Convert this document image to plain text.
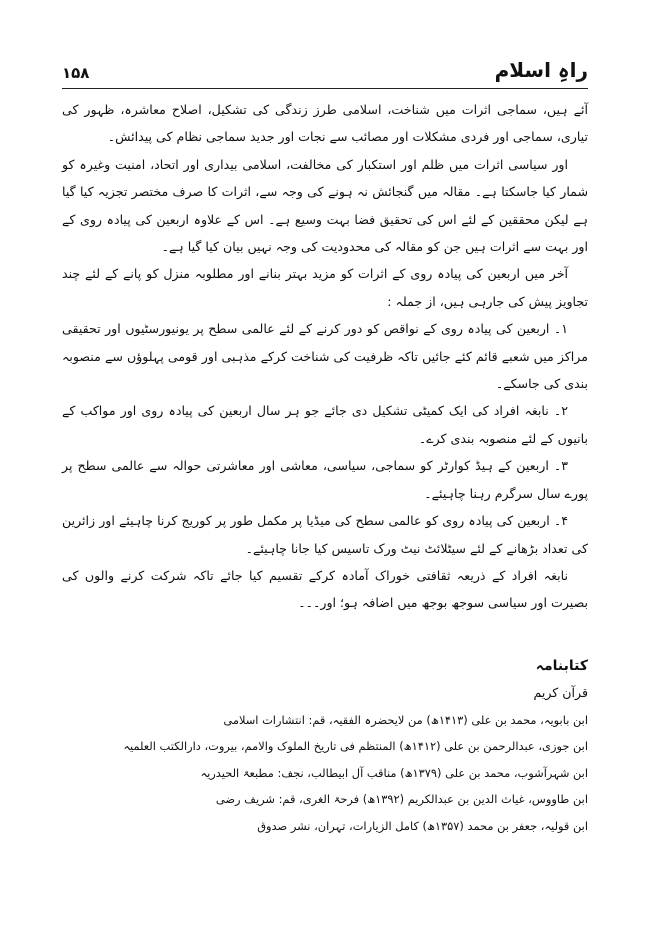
۱۵۸	راہِ اسلام

آئے ہیں، سماجی اثرات میں شناخت، اسلامی طرز زندگی کی تشکیل، اصلاح معاشرہ، ظہور کی تیاری، سماجی اور فردی مشکلات اور مصائب سے نجات اور جدید سماجی نظام کی پیدائش۔

اور سیاسی اثرات میں ظلم اور استکبار کی مخالفت، اسلامی بیداری اور اتحاد، امنیت وغیرہ کو شمار کیا جاسکتا ہے۔ مقالہ میں گنجائش نہ ہونے کی وجہ سے، اثرات کا صرف مختصر تجزیہ کیا گیا ہے لیکن محققین کے لئے اس کی تحقیق فضا بہت وسیع ہے۔ اس کے علاوہ اربعین کی پیادہ روی کے اور بہت سے اثرات ہیں جن کو مقالہ کی محدودیت کی وجہ نہیں بیان کیا گیا ہے۔

آخر میں اربعین کی پیادہ روی کے اثرات کو مزید بہتر بنانے اور مطلوبہ منزل کو پانے کے لئے چند تجاویز پیش کی جارہی ہیں، از جملہ :

۱۔ اربعین کی پیادہ روی کے نواقص کو دور کرنے کے لئے عالمی سطح پر یونیورسٹیوں اور تحقیقی مراکز میں شعبے قائم کئے جائیں تاکہ ظرفیت کی شناخت کرکے مذہبی اور قومی پہلوؤں سے منصوبہ بندی کی جاسکے۔

۲۔ نابغہ افراد کی ایک کمیٹی تشکیل دی جائے جو ہر سال اربعین کی پیادہ روی اور مواکب کے بانیوں کے لئے منصوبہ بندی کرے۔

۳۔ اربعین کے ہیڈ کوارٹر کو سماجی، سیاسی، معاشی اور معاشرتی حوالہ سے عالمی سطح پر پورے سال سرگرم رہنا چاہیئے۔

۴۔ اربعین کی پیادہ روی کو عالمی سطح کی میڈیا پر مکمل طور پر کوریج کرنا چاہیئے اور زائرین کی تعداد بڑھانے کے لئے سیٹلائٹ نیٹ ورک تاسیس کیا جانا چاہیئے۔

نابغہ افراد کے ذریعہ ثقافتی خوراک آمادہ کرکے تقسیم کیا جائے تاکہ شرکت کرنے والوں کی بصیرت اور سیاسی سوجھ بوجھ میں اضافہ ہو؛ اور۔۔۔

کتابنامہ
قرآن کریم
ابن بابویہ، محمد بن علی (۱۴۱۳ھ) من لایحضرہ الفقیہ، قم: انتشارات اسلامی
ابن جوزی، عبدالرحمن بن علی (۱۴۱۲ھ) المنتظم فی تاریخ الملوک والامم، بیروت، دارالکتب العلمیہ
ابن شہرآشوب، محمد بن علی (۱۳۷۹ھ) مناقب آل ابیطالب، نجف: مطبعۃ الحیدریہ
ابن طاووس، غیاث الدین بن عبدالکریم (۱۳۹۲ھ) فرحۃ الغری، قم: شریف رضی
ابن قولیہ، جعفر بن محمد (۱۳۵۷ھ) کامل الزیارات، تہران، نشر صدوق
